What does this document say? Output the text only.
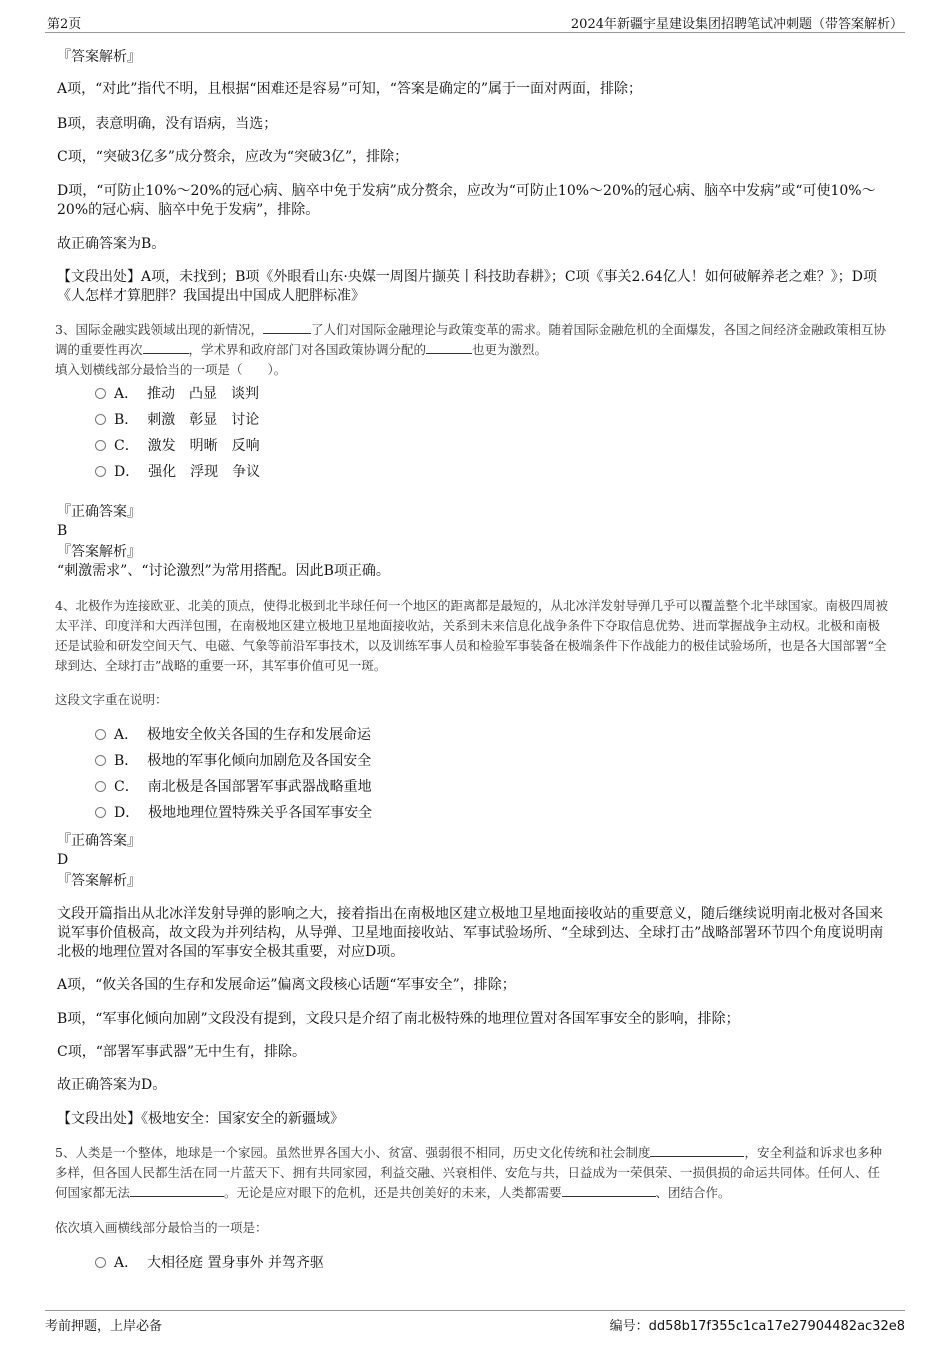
第2页	2024年新疆宇星建设集团招聘笔试冲刺题（带答案解析）
『答案解析』
A项，“对此”指代不明，且根据“困难还是容易”可知，“答案是确定的”属于一面对两面，排除；
B项，表意明确，没有语病，当选；
C项，“突破3亿多”成分赘余，应改为“突破3亿”，排除；
D项，“可防止10%～20%的冠心病、脑卒中免于发病”成分赘余，应改为“可防止10%～20%的冠心病、脑卒中发病”或“可使10%～20%的冠心病、脑卒中免于发病”，排除。
故正确答案为B。
【文段出处】A项，未找到；B项《外眼看山东·央媒一周图片撷英丨科技助春耕》；C项《事关2.64亿人！如何破解养老之难？》；D项《人怎样才算肥胖？我国提出中国成人肥胖标准》
3、国际金融实践领域出现的新情况，	了人们对国际金融理论与政策变革的需求。随着国际金融危机的全面爆发，各国之间经济金融政策相互协调的重要性再次	，学术界和政府部门对各国政策协调分配的	也更为激烈。
填入划横线部分最恰当的一项是（　　）。
A． 推动　凸显　谈判
B． 刺激　彰显　讨论
C． 激发　明晰　反响
D． 强化　浮现　争议
『正确答案』
B
『答案解析』
“刺激需求”、“讨论激烈”为常用搭配。因此B项正确。
4、北极作为连接欧亚、北美的顶点，使得北极到北半球任何一个地区的距离都是最短的，从北冰洋发射导弹几乎可以覆盖整个北半球国家。南极四周被太平洋、印度洋和大西洋包围，在南极地区建立极地卫星地面接收站，关系到未来信息化战争条件下夺取信息优势、进而掌握战争主动权。北极和南极还是试验和研发空间天气、电磁、气象等前沿军事技术，以及训练军事人员和检验军事装备在极端条件下作战能力的极佳试验场所，也是各大国部署“全球到达、全球打击”战略的重要一环，其军事价值可见一斑。
这段文字重在说明：
A． 极地安全攸关各国的生存和发展命运
B． 极地的军事化倾向加剧危及各国安全
C． 南北极是各国部署军事武器战略重地
D． 极地地理位置特殊关乎各国军事安全
『正确答案』
D
『答案解析』
文段开篇指出从北冰洋发射导弹的影响之大，接着指出在南极地区建立极地卫星地面接收站的重要意义，随后继续说明南北极对各国来说军事价值极高，故文段为并列结构，从导弹、卫星地面接收站、军事试验场所、“全球到达、全球打击”战略部署环节四个角度说明南北极的地理位置对各国的军事安全极其重要，对应D项。
A项，“攸关各国的生存和发展命运”偏离文段核心话题“军事安全”，排除；
B项，“军事化倾向加剧”文段没有提到，文段只是介绍了南北极特殊的地理位置对各国军事安全的影响，排除；
C项，“部署军事武器”无中生有，排除。
故正确答案为D。
【文段出处】《极地安全：国家安全的新疆域》
5、人类是一个整体，地球是一个家园。虽然世界各国大小、贫富、强弱很不相同，历史文化传统和社会制度	，安全利益和诉求也多种多样，但各国人民都生活在同一片蓝天下、拥有共同家园，利益交融、兴衰相伴、安危与共，日益成为一荣俱荣、一损俱损的命运共同体。任何人、任何国家都无法	。无论是应对眼下的危机，还是共创美好的未来，人类都需要	、团结合作。
依次填入画横线部分最恰当的一项是：
A． 大相径庭 置身事外 并驾齐驱
考前押题，上岸必备	编号：dd58b17f355c1ca17e27904482ac32e8
